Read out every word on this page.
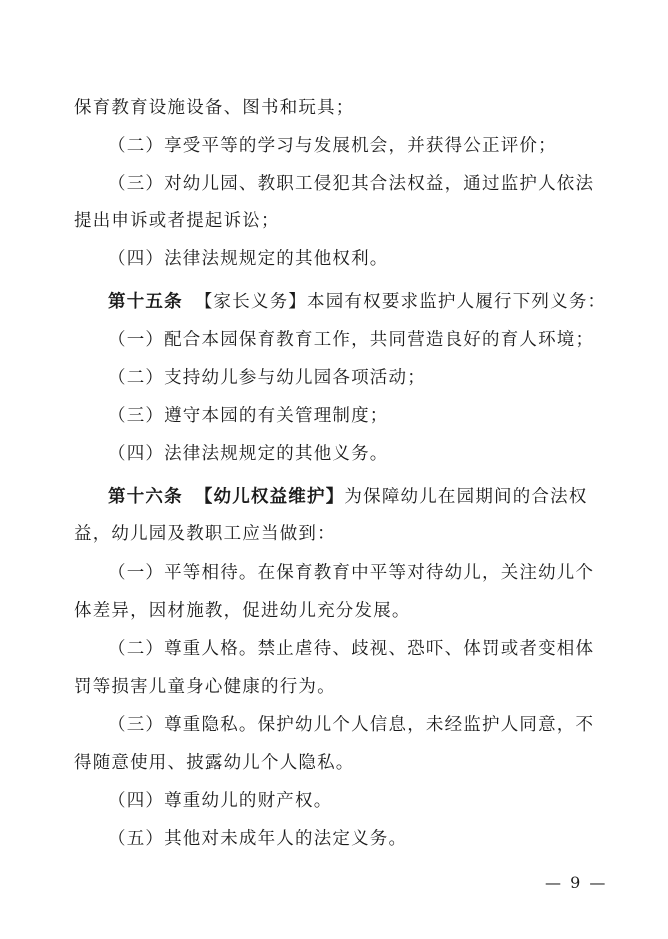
保育教育设施设备、图书和玩具；
（二）享受平等的学习与发展机会，并获得公正评价；
（三）对幼儿园、教职工侵犯其合法权益，通过监护人依法
提出申诉或者提起诉讼；
（四）法律法规规定的其他权利。
第十五条 【家长义务】本园有权要求监护人履行下列义务：
（一）配合本园保育教育工作，共同营造良好的育人环境；
（二）支持幼儿参与幼儿园各项活动；
（三）遵守本园的有关管理制度；
（四）法律法规规定的其他义务。
第十六条 【幼儿权益维护】为保障幼儿在园期间的合法权
益，幼儿园及教职工应当做到：
（一）平等相待。在保育教育中平等对待幼儿，关注幼儿个
体差异，因材施教，促进幼儿充分发展。
（二）尊重人格。禁止虐待、歧视、恐吓、体罚或者变相体
罚等损害儿童身心健康的行为。
（三）尊重隐私。保护幼儿个人信息，未经监护人同意，不
得随意使用、披露幼儿个人隐私。
（四）尊重幼儿的财产权。
（五）其他对未成年人的法定义务。
— 9 —
